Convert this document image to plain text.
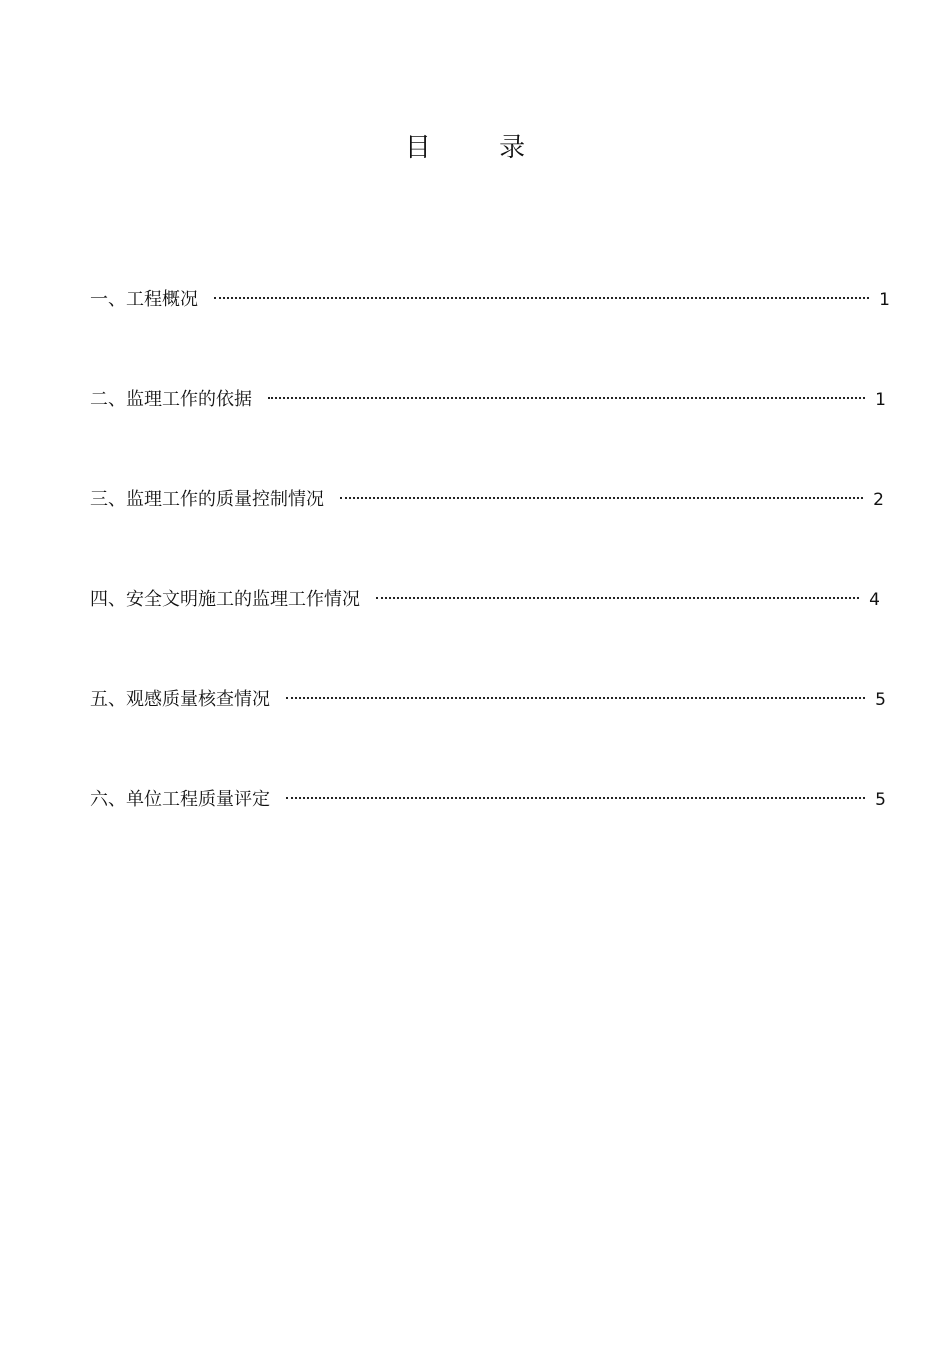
目 录
一、工程概况	1
二、监理工作的依据	1
三、监理工作的质量控制情况	2
四、安全文明施工的监理工作情况	4
五、观感质量核查情况	5
六、单位工程质量评定	5
